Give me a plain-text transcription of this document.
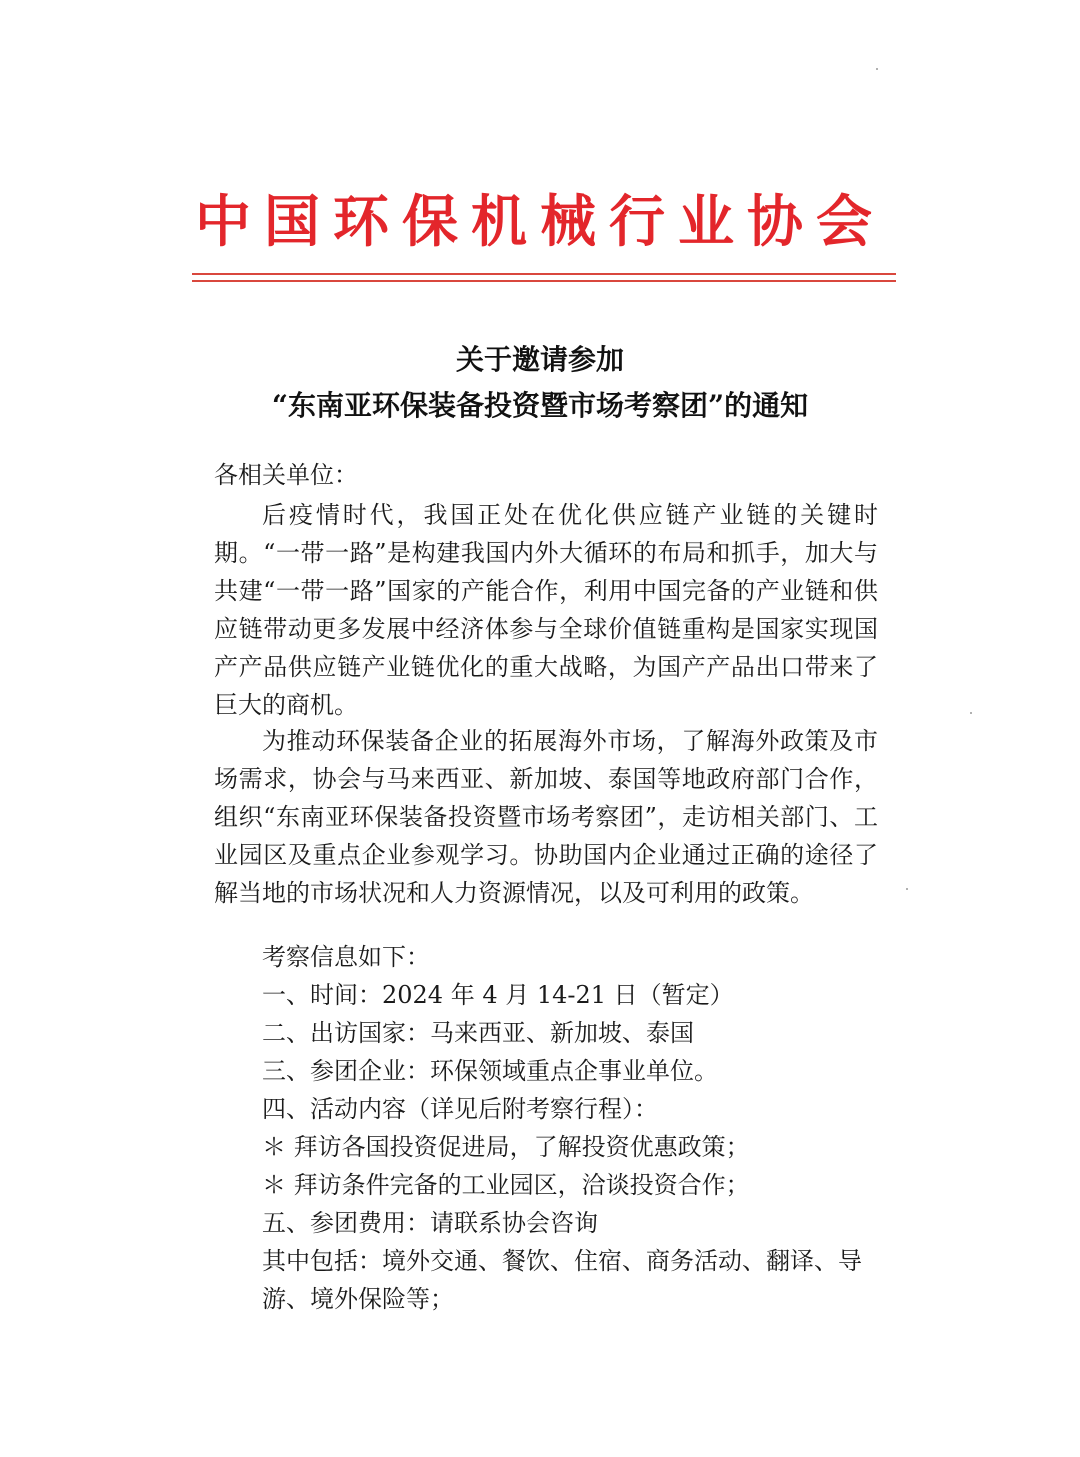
中国环保机械行业协会
关于邀请参加
“东南亚环保装备投资暨市场考察团”的通知
各相关单位：

后疫情时代，我国正处在优化供应链产业链的关键时期。“一带一路”是构建我国内外大循环的布局和抓手，加大与共建“一带一路”国家的产能合作，利用中国完备的产业链和供应链带动更多发展中经济体参与全球价值链重构是国家实现国产产品供应链产业链优化的重大战略，为国产产品出口带来了巨大的商机。

为推动环保装备企业的拓展海外市场，了解海外政策及市场需求，协会与马来西亚、新加坡、泰国等地政府部门合作，组织“东南亚环保装备投资暨市场考察团”，走访相关部门、工业园区及重点企业参观学习。协助国内企业通过正确的途径了解当地的市场状况和人力资源情况，以及可利用的政策。

考察信息如下：
一、时间：2024 年 4 月 14-21 日（暂定）
二、出访国家：马来西亚、新加坡、泰国
三、参团企业：环保领域重点企事业单位。
四、活动内容（详见后附考察行程）：
＊ 拜访各国投资促进局，了解投资优惠政策；
＊ 拜访条件完备的工业园区，洽谈投资合作；
五、参团费用：请联系协会咨询
其中包括：境外交通、餐饮、住宿、商务活动、翻译、导游、境外保险等；
